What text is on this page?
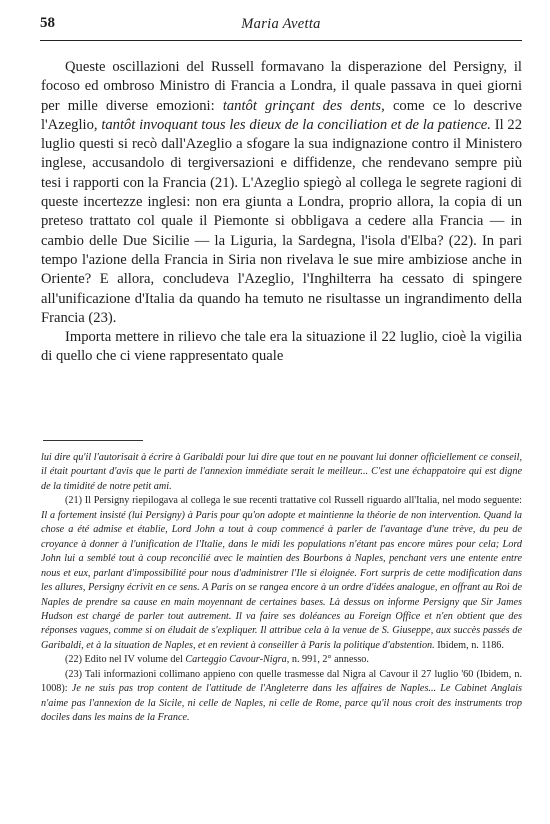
58	Maria Avetta

Queste oscillazioni del Russell formavano la disperazione del Persigny, il focoso ed ombroso Ministro di Francia a Londra, il quale passava in quei giorni per mille diverse emozioni: tantôt grinçant des dents, come ce lo descrive l'Azeglio, tantôt invoquant tous les dieux de la conciliation et de la patience. Il 22 luglio questi si recò dall'Azeglio a sfogare la sua indignazione contro il Ministero inglese, accusandolo di tergiversazioni e diffidenze, che rendevano sempre più tesi i rapporti con la Francia (21). L'Azeglio spiegò al collega le segrete ragioni di queste incertezze inglesi: non era giunta a Londra, proprio allora, la copia di un preteso trattato col quale il Piemonte si obbligava a cedere alla Francia — in cambio delle Due Sicilie — la Liguria, la Sardegna, l'isola d'Elba? (22). In pari tempo l'azione della Francia in Siria non rivelava le sue mire ambiziose anche in Oriente? E allora, concludeva l'Azeglio, l'Inghilterra ha cessato di spingere all'unificazione d'Italia da quando ha temuto ne risultasse un ingrandimento della Francia (23).

Importa mettere in rilievo che tale era la situazione il 22 luglio, cioè la vigilia di quello che ci viene rappresentato quale

lui dire qu'il l'autorisait à écrire à Garibaldi pour lui dire que tout en ne pouvant lui donner officiellement ce conseil, il était pourtant d'avis que le parti de l'annexion immédiate serait le meilleur... C'est une échappatoire qui est digne de la timidité de notre petit ami.

(21) Il Persigny riepilogava al collega le sue recenti trattative col Russell riguardo all'Italia, nel modo seguente: Il a fortement insisté (lui Persigny) à Paris pour qu'on adopte et maintienne la théorie de non intervention. Quand la chose a été admise et établie, Lord John a tout à coup commencé à parler de l'avantage d'une trève, du peu de croyance à donner à l'unification de l'Italie, dans le midi les populations n'étant pas encore mûres pour cela; Lord John lui a semblé tout à coup reconcilié avec le maintien des Bourbons à Naples, penchant vers une entente entre nous et eux, parlant d'impossibilité pour nous d'administrer l'Ile si éloignée. Fort surpris de cette modification dans les allures, Persigny écrivit en ce sens. A Paris on se rangea encore à un ordre d'idées analogue, en offrant au Roi de Naples de prendre sa cause en main moyennant de certaines bases. Là dessus on informe Persigny que Sir James Hudson est chargé de parler tout autrement. Il va faire ses doléances au Foreign Office et n'en obtient que des réponses vagues, comme si on éludait de s'expliquer. Il attribue cela à la venue de S. Giuseppe, aux succès passés de Garibaldi, et à la situation de Naples, et en revient à conseiller à Paris la politique d'abstention. Ibidem, n. 1186.

(22) Edito nel IV volume del Carteggio Cavour-Nigra, n. 991, 2° annesso.

(23) Tali informazioni collimano appieno con quelle trasmesse dal Nigra al Cavour il 27 luglio '60 (Ibidem, n. 1008): Je ne suis pas trop content de l'attitude de l'Angleterre dans les affaires de Naples... Le Cabinet Anglais n'aime pas l'annexion de la Sicile, ni celle de Naples, ni celle de Rome, parce qu'il nous croit des instruments trop dociles dans les mains de la France.
